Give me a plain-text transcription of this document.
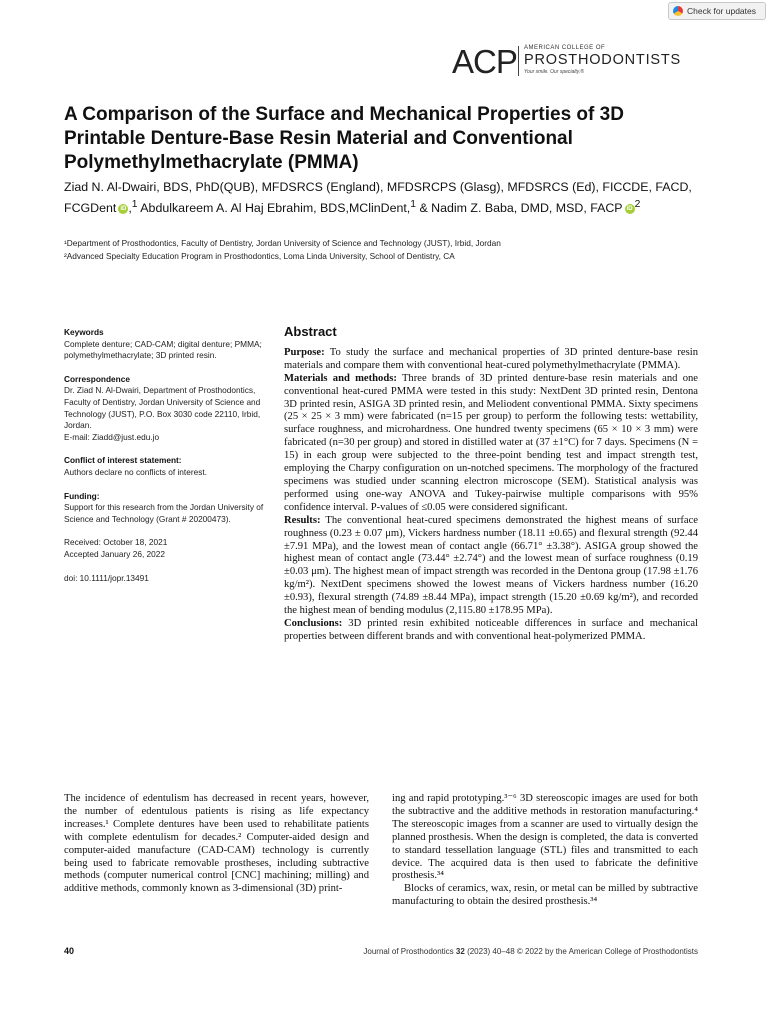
Check for updates
ACP AMERICAN COLLEGE OF
PROSTHODONTISTS
Your smile. Our specialty.®
A Comparison of the Surface and Mechanical Properties of 3D Printable Denture-Base Resin Material and Conventional Polymethylmethacrylate (PMMA)

Ziad N. Al-Dwairi, BDS, PhD(QUB), MFDSRCS (England), MFDSRCPS (Glasg), MFDSRCS (Ed), FICCDE, FACD, FCGDent iD ,$^1$ Abdulkareem A. Al Haj Ebrahim, BDS,MClinDent,$^1$ & Nadim Z. Baba, DMD, MSD, FACP iD $^2$

¹Department of Prosthodontics, Faculty of Dentistry, Jordan University of Science and Technology (JUST), Irbid, Jordan
²Advanced Specialty Education Program in Prosthodontics, Loma Linda University, School of Dentistry, CA
Keywords

Complete denture; CAD-CAM; digital denture; PMMA; polymethylmethacrylate; 3D printed resin.

Correspondence

Dr. Ziad N. Al-Dwairi, Department of Prosthodontics, Faculty of Dentistry, Jordan University of Science and Technology (JUST), P.O. Box 3030 code 22110, Irbid, Jordan.

E-mail: Ziadd@just.edu.jo

Conflict of interest statement:

Authors declare no conflicts of interest.

Funding:

Support for this research from the Jordan University of Science and Technology (Grant # 20200473).

Received: October 18, 2021

Accepted January 26, 2022

doi: 10.1111/jopr.13491

Abstract

Purpose: To study the surface and mechanical properties of 3D printed denture-base resin materials and compare them with conventional heat-cured polymethylmethacrylate (PMMA).

Materials and methods: Three brands of 3D printed denture-base resin materials and one conventional heat-cured PMMA were tested in this study: NextDent 3D printed resin, Dentona 3D printed resin, ASIGA 3D printed resin, and Meliodent conventional PMMA. Sixty specimens (25 × 25 × 3 mm) were fabricated (n=15 per group) to perform the following tests: wettability, surface roughness, and microhardness. One hundred twenty specimens (65 × 10 × 3 mm) were fabricated (n=30 per group) and stored in distilled water at (37 ±1°C) for 7 days. Specimens (N = 15) in each group were subjected to the three-point bending test and impact strength test, employing the Charpy configuration on un-notched specimens. The morphology of the fractured specimens was studied under scanning electron microscope (SEM). Statistical analysis was performed using one-way ANOVA and Tukey-pairwise multiple comparisons with 95% confidence interval. P-values of ≤0.05 were considered significant.

Results: The conventional heat-cured specimens demonstrated the highest means of surface roughness (0.23 ± 0.07 μm), Vickers hardness number (18.11 ±0.65) and flexural strength (92.44 ±7.91 MPa), and the lowest mean of contact angle (66.71° ±3.38°). ASIGA group showed the highest mean of contact angle (73.44° ±2.74°) and the lowest mean of surface roughness (0.19 ±0.03 μm). The highest mean of impact strength was recorded in the Dentona group (17.98 ±1.76 kg/m²). NextDent specimens showed the lowest means of Vickers hardness number (16.20 ±0.93), flexural strength (74.89 ±8.44 MPa), impact strength (15.20 ±0.69 kg/m²), and recorded the highest mean of bending modulus (2,115.80 ±178.95 MPa).

Conclusions: 3D printed resin exhibited noticeable differences in surface and mechanical properties between different brands and with conventional heat-polymerized PMMA.

The incidence of edentulism has decreased in recent years, however, the number of edentulous patients is rising as life expectancy increases.¹ Complete dentures have been used to rehabilitate patients with complete edentulism for decades.² Computer-aided design and computer-aided manufacture (CAD-CAM) technology is currently being used to fabricate removable prostheses, including subtractive methods (computer numerical control [CNC] machining; milling) and additive methods, commonly known as 3-dimensional (3D) print-

ing and rapid prototyping.³⁻⁶ 3D stereoscopic images are used for both the subtractive and the additive methods in restoration manufacturing.⁴ The stereoscopic images from a scanner are used to virtually design the planned prosthesis. When the design is completed, the data is converted to standard tessellation language (STL) files and transmitted to each device. The acquired data is then used to fabricate the definitive prosthesis.³⁴
Blocks of ceramics, wax, resin, or metal can be milled by subtractive manufacturing to obtain the desired prosthesis.³⁴
40	Journal of Prosthodontics 32 (2023) 40–48 © 2022 by the American College of Prosthodontists
